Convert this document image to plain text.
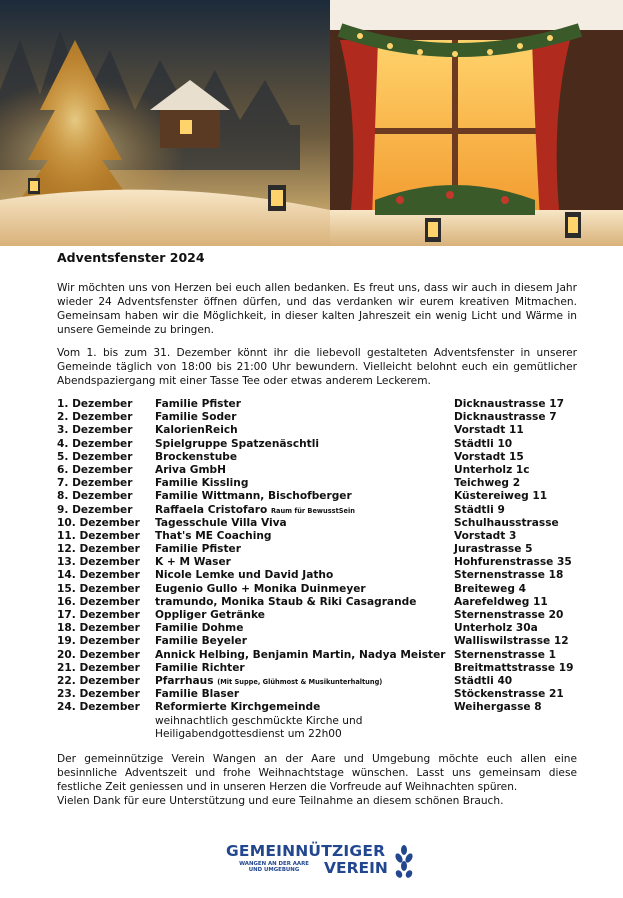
Adventsfenster 2024

Wir möchten uns von Herzen bei euch allen bedanken. Es freut uns, dass wir auch in diesem Jahr wieder 24 Adventsfenster öffnen dürfen, und das verdanken wir eurem kreativen Mitmachen. Gemeinsam haben wir die Möglichkeit, in dieser kalten Jahreszeit ein wenig Licht und Wärme in unsere Gemeinde zu bringen.

Vom 1. bis zum 31. Dezember könnt ihr die liebevoll gestalteten Adventsfenster in unserer Gemeinde täglich von 18:00 bis 21:00 Uhr bewundern. Vielleicht belohnt euch ein gemütlicher Abendspaziergang mit einer Tasse Tee oder etwas anderem Leckerem.

1. Dezember Familie Pfister	Dicknaustrasse 17
2. Dezember Familie Soder	Dicknaustrasse 7
3. Dezember KalorienReich	Vorstadt 11
4. Dezember Spielgruppe Spatzenäschtli	Städtli 10
5. Dezember Brockenstube	Vorstadt 15
6. Dezember Ariva GmbH	Unterholz 1c
7. Dezember Familie Kissling	Teichweg 2
8. Dezember Familie Wittmann, Bischofberger	Küstereiweg 11
9. Dezember Raffaela Cristofaro Raum für BewusstSein	Städtli 9
10. Dezember Tagesschule Villa Viva	Schulhausstrasse
11. Dezember That's ME Coaching	Vorstadt 3
12. Dezember Familie Pfister	Jurastrasse 5
13. Dezember K + M Waser	Hohfurenstrasse 35
14. Dezember Nicole Lemke und David Jatho	Sternenstrasse 18
15. Dezember Eugenio Gullo + Monika Duinmeyer	Breiteweg 4
16. Dezember tramundo, Monika Staub & Riki Casagrande	Aarefeldweg 11
17. Dezember Oppliger Getränke	Sternenstrasse 20
18. Dezember Familie Dohme	Unterholz 30a
19. Dezember Familie Beyeler	Walliswilstrasse 12
20. Dezember Annick Helbing, Benjamin Martin, Nadya Meister Sternenstrasse 1
21. Dezember Familie Richter	Breitmattstrasse 19
22. Dezember Pfarrhaus (Mit Suppe, Glühmost & Musikunterhaltung)	Städtli 40
23. Dezember Familie Blaser	Stöckenstrasse 21
24. Dezember Reformierte Kirchgemeinde	Weihergasse 8
weihnachtlich geschmückte Kirche und
Heiligabendgottesdienst um 22h00
Der gemeinnützige Verein Wangen an der Aare und Umgebung möchte euch allen eine besinnliche Adventszeit und frohe Weihnachtstage wünschen. Lasst uns gemeinsam diese festliche Zeit geniessen und in unseren Herzen die Vorfreude auf Weihnachten spüren.
Vielen Dank für eure Unterstützung und eure Teilnahme an diesem schönen Brauch.
GEMEINNÜTZIGER
WANGEN AN DER AARE
UND UMGEBUNG	VEREIN
